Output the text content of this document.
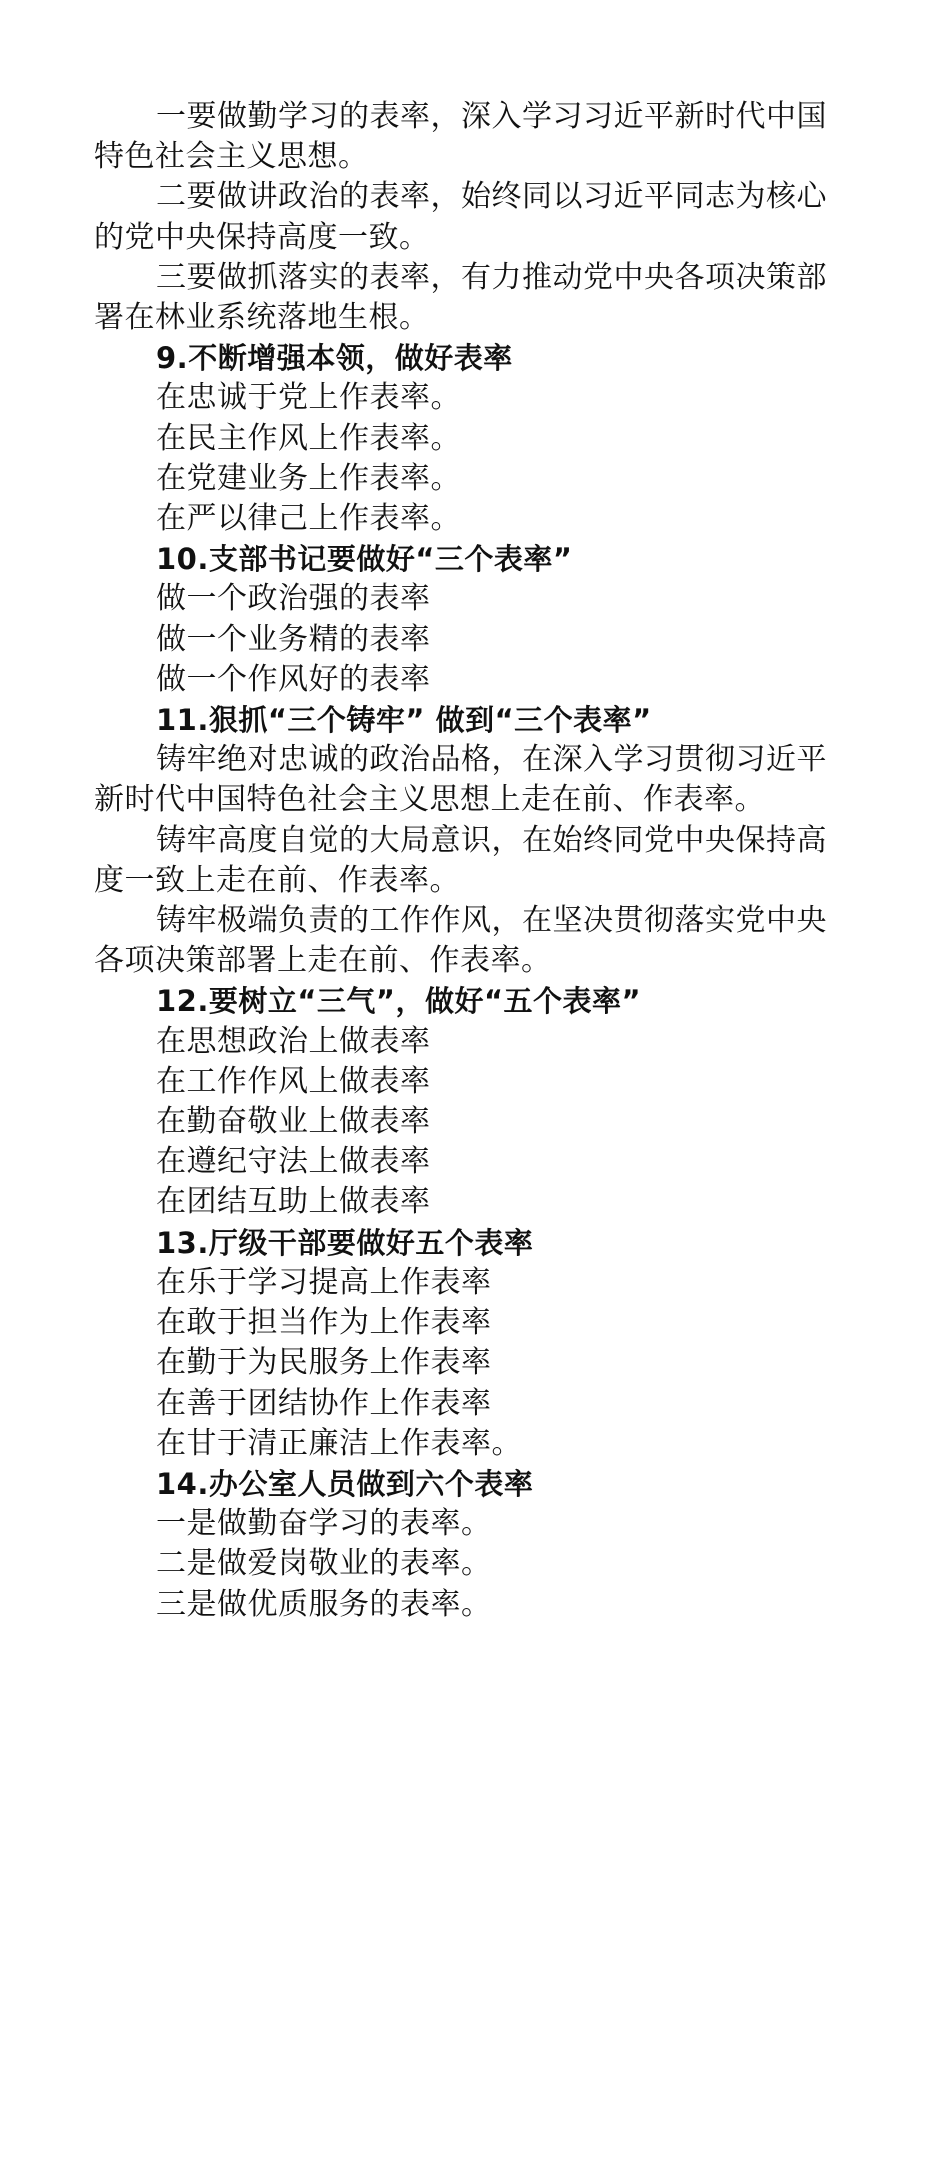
一要做勤学习的表率，深入学习习近平新时代中国
特色社会主义思想。
二要做讲政治的表率，始终同以习近平同志为核心
的党中央保持高度一致。
三要做抓落实的表率，有力推动党中央各项决策部
署在林业系统落地生根。
9.不断增强本领，做好表率
在忠诚于党上作表率。
在民主作风上作表率。
在党建业务上作表率。
在严以律己上作表率。
10.支部书记要做好“三个表率”
做一个政治强的表率
做一个业务精的表率
做一个作风好的表率
11.狠抓“三个铸牢” 做到“三个表率”
铸牢绝对忠诚的政治品格，在深入学习贯彻习近平
新时代中国特色社会主义思想上走在前、作表率。
铸牢高度自觉的大局意识，在始终同党中央保持高
度一致上走在前、作表率。
铸牢极端负责的工作作风，在坚决贯彻落实党中央
各项决策部署上走在前、作表率。
12.要树立“三气”，做好“五个表率”
在思想政治上做表率
在工作作风上做表率
在勤奋敬业上做表率
在遵纪守法上做表率
在团结互助上做表率
13.厅级干部要做好五个表率
在乐于学习提高上作表率
在敢于担当作为上作表率
在勤于为民服务上作表率
在善于团结协作上作表率
在甘于清正廉洁上作表率。
14.办公室人员做到六个表率
一是做勤奋学习的表率。
二是做爱岗敬业的表率。
三是做优质服务的表率。
